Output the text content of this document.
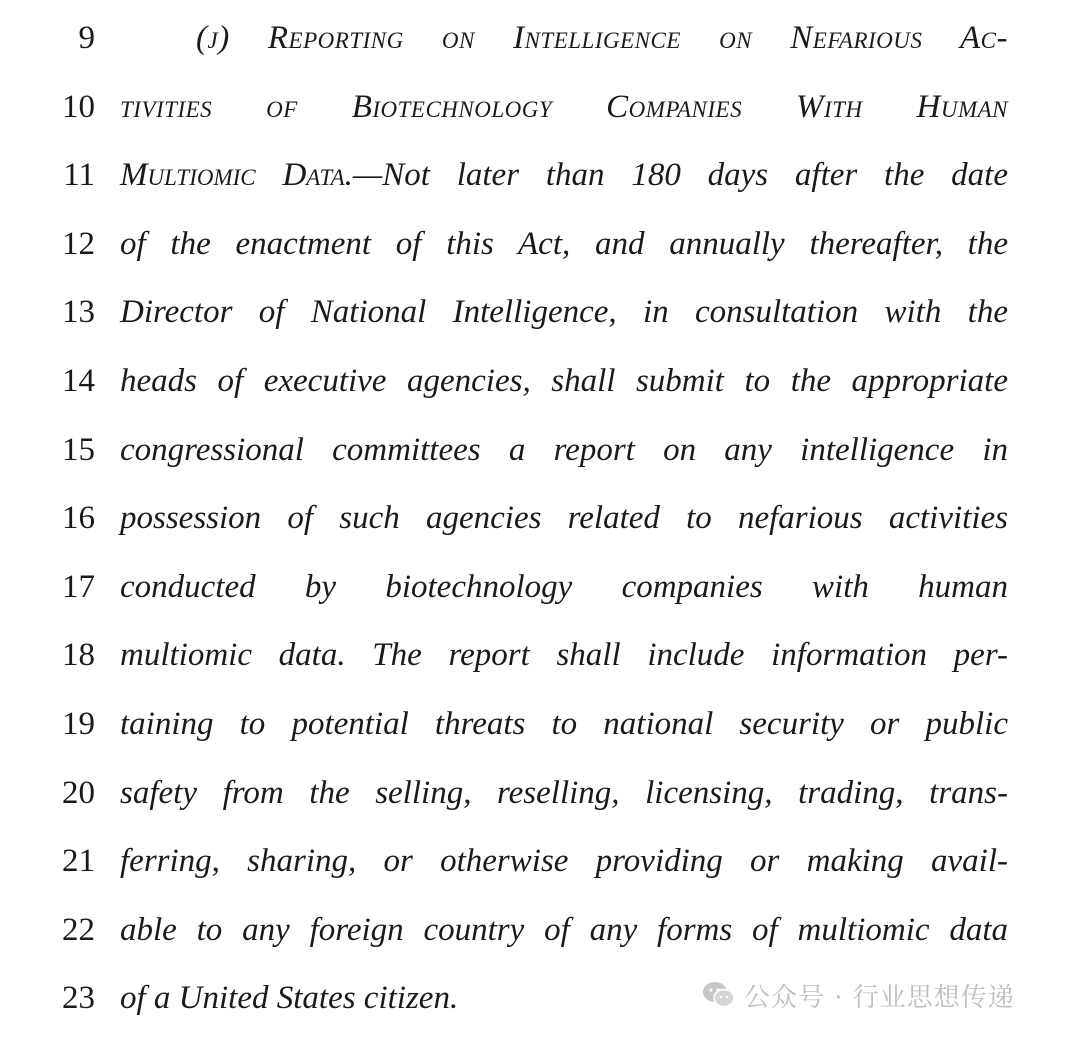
9	(j) Reporting on Intelligence on Nefarious Ac-
10 tivities of Biotechnology Companies With Human
11 Multiomic Data.—Not later than 180 days after the date
12 of the enactment of this Act, and annually thereafter, the
13 Director of National Intelligence, in consultation with the
14 heads of executive agencies, shall submit to the appropriate
15 congressional committees a report on any intelligence in
16 possession of such agencies related to nefarious activities
17 conducted by biotechnology companies with human
18 multiomic data. The report shall include information per-
19 taining to potential threats to national security or public
20 safety from the selling, reselling, licensing, trading, trans-
21 ferring, sharing, or otherwise providing or making avail-
22 able to any foreign country of any forms of multiomic data
23 of a United States citizen.	公众号 · 行业思想传递
